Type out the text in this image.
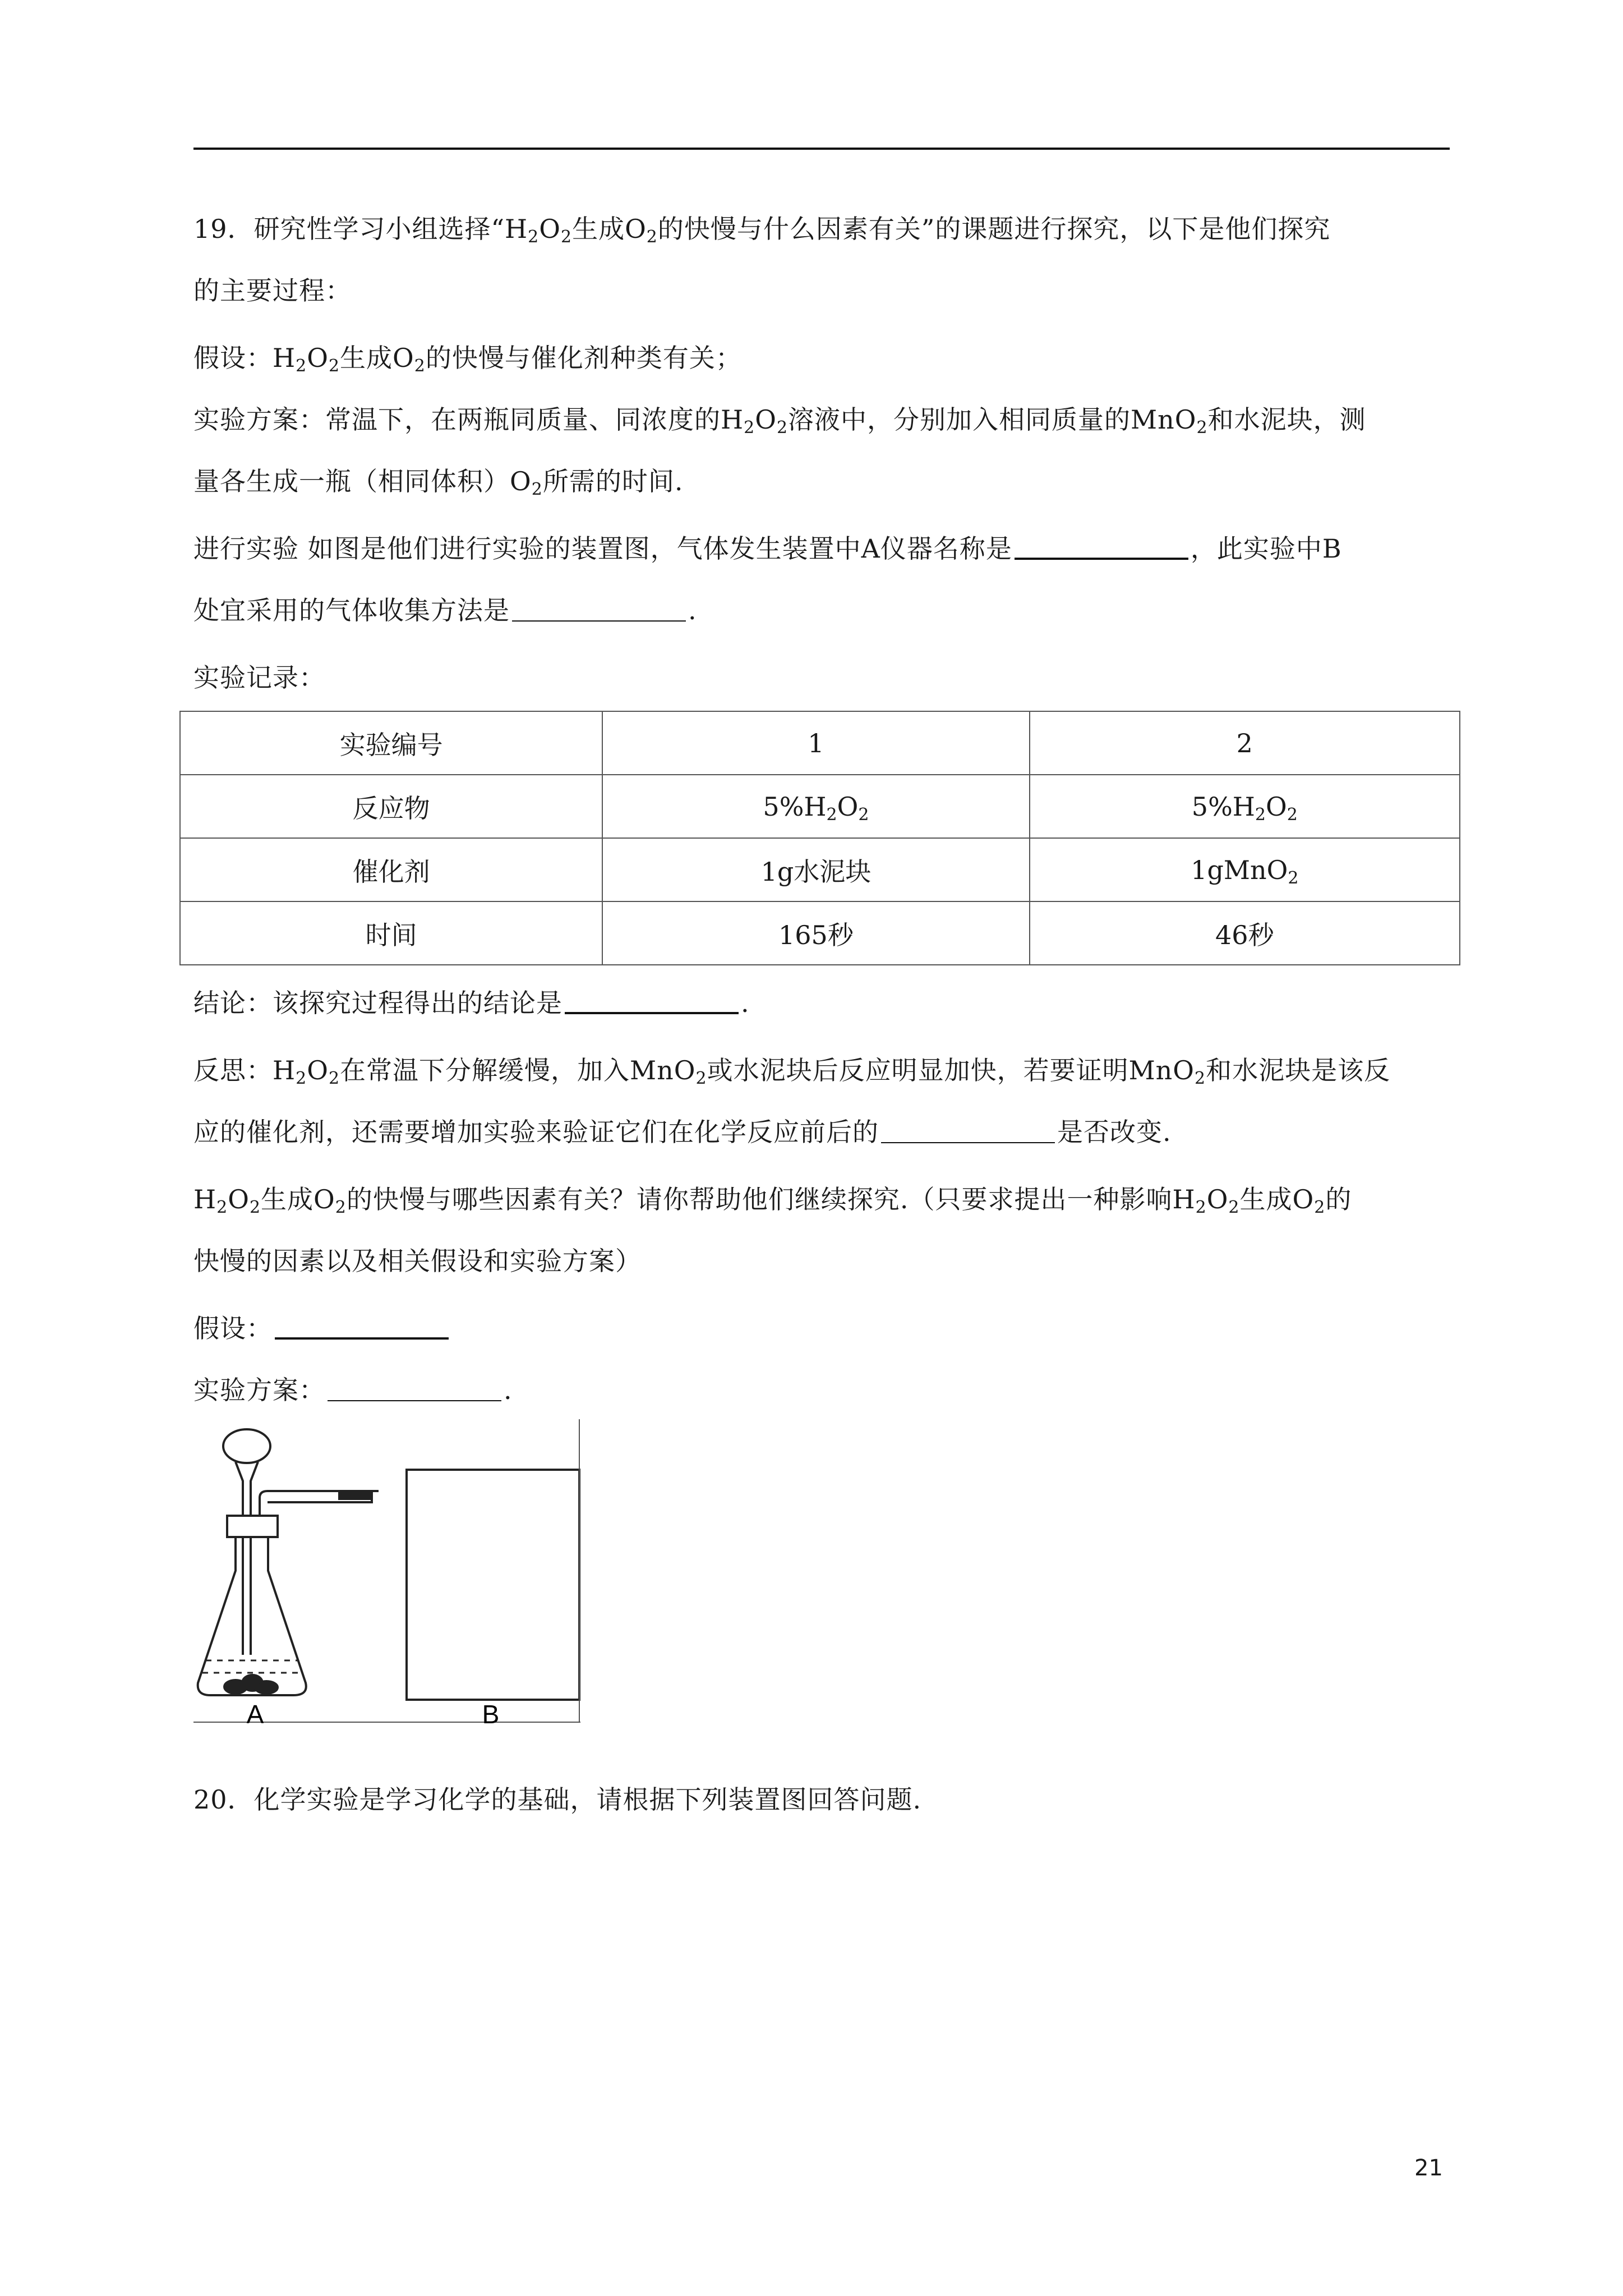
19．研究性学习小组选择“$H_2O_2$生成$O_2$的快慢与什么因素有关”的课题进行探究，以下是他们探究
的主要过程：
假设：$H_2O_2$生成$O_2$的快慢与催化剂种类有关；
实验方案：常温下，在两瓶同质量、同浓度的$H_2O_2$溶液中，分别加入相同质量的MnO$_2$和水泥块，测
量各生成一瓶（相同体积）$O_2$所需的时间.
进行实验 如图是他们进行实验的装置图，气体发生装置中A仪器名称是	，此实验中B
处宜采用的气体收集方法是	.
实验记录：
实验编号	1	2
反应物	$5\%H_2O_2$	$5\%H_2O_2$
催化剂	1g水泥块	1gMnO$_2$
时间	165秒	46秒
结论：该探究过程得出的结论是	.
反思：$H_2O_2$在常温下分解缓慢，加入MnO$_2$或水泥块后反应明显加快，若要证明MnO$_2$和水泥块是该反
应的催化剂，还需要增加实验来验证它们在化学反应前后的	是否改变.
$H_2O_2$生成$O_2$的快慢与哪些因素有关？请你帮助他们继续探究.（只要求提出一种影响$H_2O_2$生成$O_2$的
快慢的因素以及相关假设和实验方案）
假设：
实验方案：	.
A	B
20．化学实验是学习化学的基础，请根据下列装置图回答问题.
21
